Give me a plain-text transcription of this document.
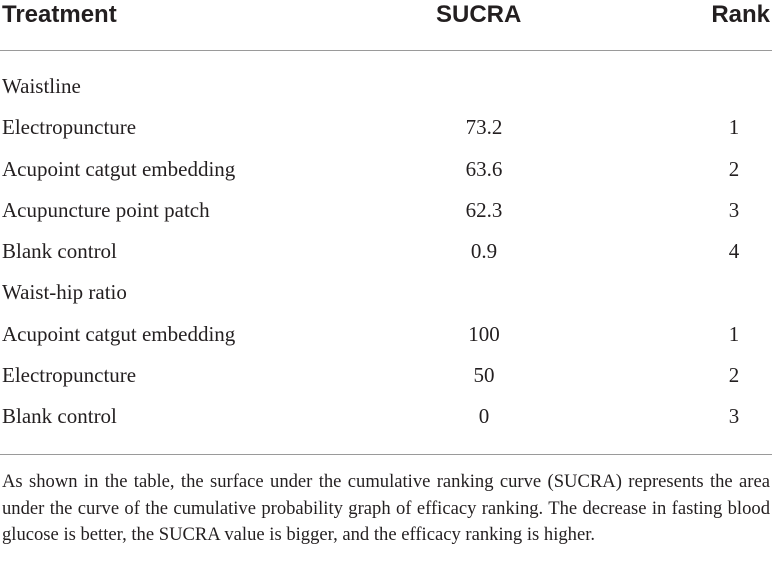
Treatment	SUCRA	Rank
Waistline
Electropuncture	73.2	1
Acupoint catgut embedding	63.6	2
Acupuncture point patch	62.3	3
Blank control	0.9	4
Waist-hip ratio
Acupoint catgut embedding	100	1
Electropuncture	50	2
Blank control	0	3
As shown in the table, the surface under the cumulative ranking curve (SUCRA) represents the area under the curve of the cumulative probability graph of efficacy ranking. The decrease in fasting blood glucose is better, the SUCRA value is bigger, and the efficacy ranking is higher.
